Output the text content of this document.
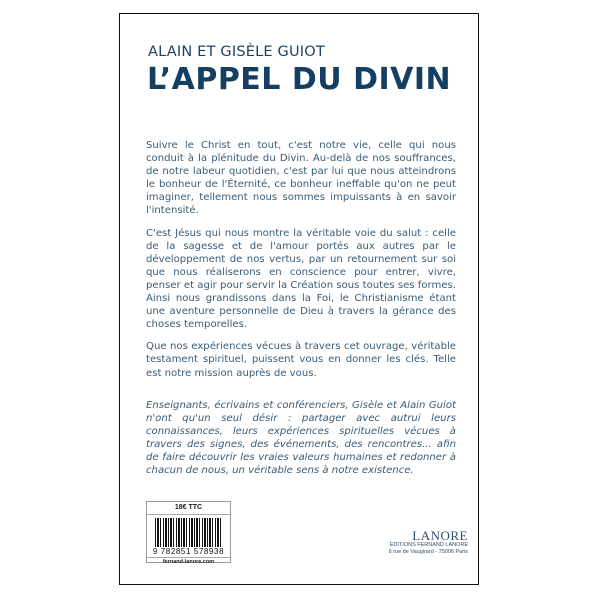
ALAIN ET GISÈLE GUIOT
L’APPEL DU DIVIN

Suivre le Christ en tout, c'est notre vie, celle qui nous conduit à la plénitude du Divin. Au-delà de nos souffrances, de notre labeur quotidien, c'est par lui que nous atteindrons le bonheur de l'Éternité, ce bonheur ineffable qu'on ne peut imaginer, tellement nous sommes impuissants à en savoir l'intensité.

C'est Jésus qui nous montre la véritable voie du salut : celle de la sagesse et de l'amour portés aux autres par le développement de nos vertus, par un retournement sur soi que nous réaliserons en conscience pour entrer, vivre, penser et agir pour servir la Création sous toutes ses formes. Ainsi nous grandissons dans la Foi, le Christianisme étant une aventure personnelle de Dieu à travers la gérance des choses temporelles.

Que nos expériences vécues à travers cet ouvrage, véritable testament spirituel, puissent vous en donner les clés. Telle est notre mission auprès de vous.

Enseignants, écrivains et conférenciers, Gisèle et Alain Guiot n'ont qu'un seul désir : partager avec autrui leurs connaissances, leurs expériences spirituelles vécues à travers des signes, des événements, des rencontres... afin de faire découvrir les vraies valeurs humaines et redonner à chacun de nous, un véritable sens à notre existence.
18€ TTC
9 782851 578938
fernand-lanore.com
LANORE
EDITIONS FERNAND LANORE
6 rue de Vaugirard - 75006 Paris
